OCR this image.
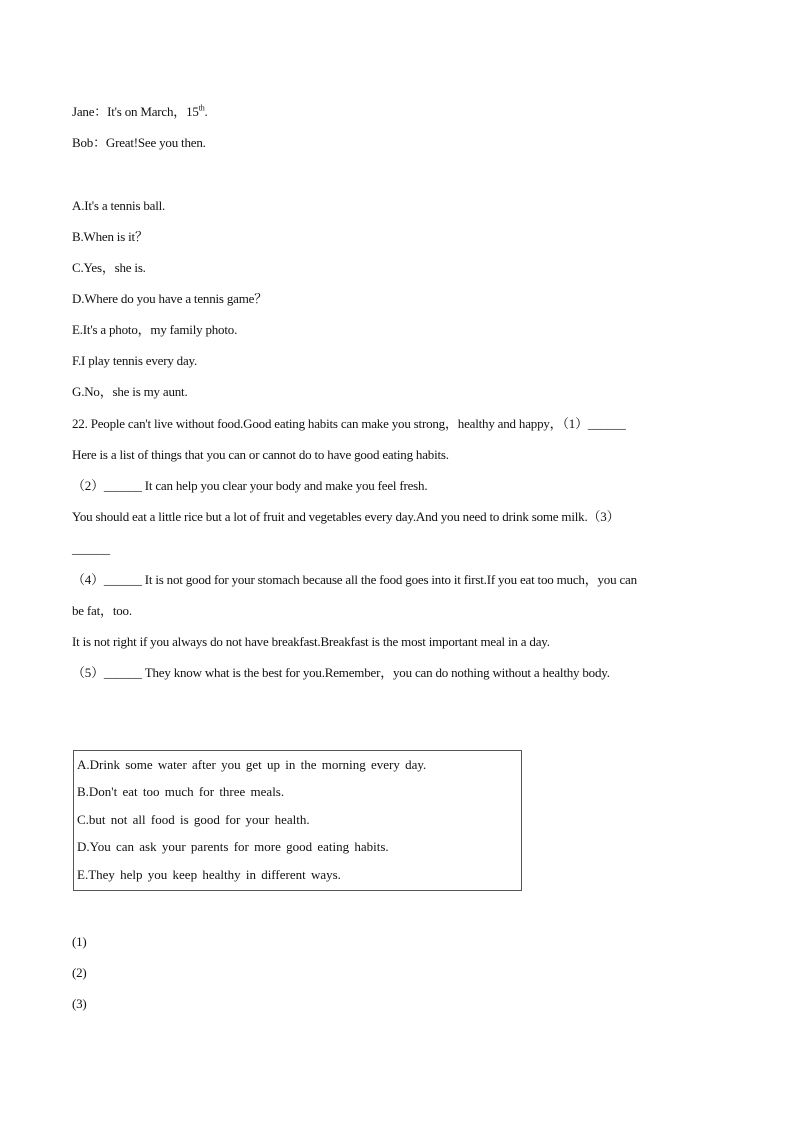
Jane：It's on March，15th.
Bob：Great!See you then.
A.It's a tennis ball.
B.When is it？
C.Yes，she is.
D.Where do you have a tennis game？
E.It's a photo，my family photo.
F.I play tennis every day.
G.No，she is my aunt.
22. People can't live without food.Good eating habits can make you strong，healthy and happy，（1）______
Here is a list of things that you can or cannot do to have good eating habits.
（2）______ It can help you clear your body and make you feel fresh.
You should eat a little rice but a lot of fruit and vegetables every day.And you need to drink some milk.（3）
______
（4）______ It is not good for your stomach because all the food goes into it first.If you eat too much，you can
be fat，too.
It is not right if you always do not have breakfast.Breakfast is the most important meal in a day.
（5）______ They know what is the best for you.Remember，you can do nothing without a healthy body.
A.Drink some water after you get up in the morning every day.
B.Don't eat too much for three meals.
C.but not all food is good for your health.
D.You can ask your parents for more good eating habits.
E.They help you keep healthy in different ways.
(1)
(2)
(3)
